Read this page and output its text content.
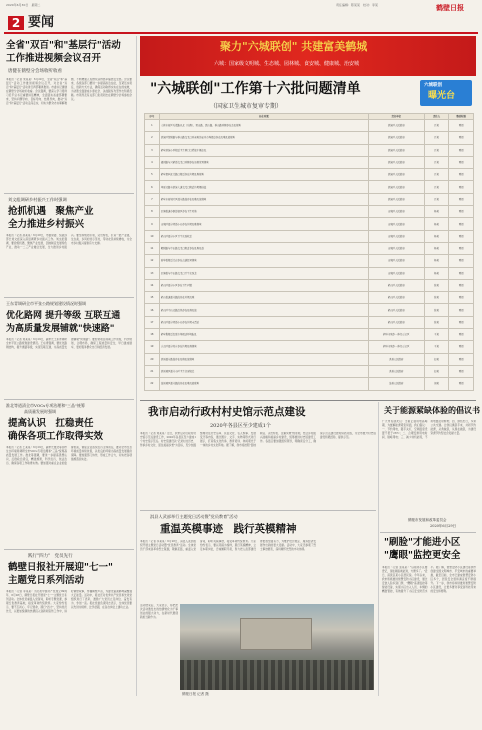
2020年6月30日　星期二	责任编辑：陈某某　校对：李某	鹤壁日报
2 要闻
全省"双百"和"基层行"活动
工作推进视频会议召开
唐健在鹤壁分会场收听收看
本报讯（记者 朱某某）6月29日，全省"双百"和"基层行"活动工作推进视频会议召开，对全省"双百"和"基层行"活动进行再部署再推进。市委书记唐健在鹤壁分会场收听收看。会议强调，要深入学习贯彻习近平总书记重要讲话精神，全面落实省委部署要求，坚持问题导向、目标导向、结果导向，推动"双百"和"基层行"活动走深走实，切实为群众办实事解难题，不断增强人民群众获得感幸福感安全感。会议要求，各级各部门要进一步提高政治站位，压紧压实责任，创新方式方法，确保活动取得实实在在的成效，为决胜全面建成小康社会、决战脱贫攻坚作出积极贡献。市领导及有关部门负责同志在鹤壁分会场参加会议。
刘文彪调研乡村振兴工作时强调
抢抓机遇　聚焦产业
全力推进乡村振兴
本报讯（记者 孙某某）6月28日，市委常委、统战部部长刘文彪深入淇县调研乡村振兴工作。刘文彪强调，要抢抓机遇，聚焦产业发展，因地制宜发展特色产业，推动一二三产业融合发展，全力推进乡村振兴。要坚持规划引领，突出特色，打造一批产业强、生态美、乡风好的示范村，带动农民持续增收，为全市乡村振兴提供有力支撑。
王东青调研全市平张公路规划建设情况时强调
优化路网 提升等级 互联互通
为高质量发展铺就"快速路"
本报讯（记者 刘某某）6月29日，副市长王东青调研全市平张公路规划建设情况。王东青强调，要优化路网结构，提升道路等级，实现互联互通，为高质量发展铺就"快速路"。要加快项目前期工作进度，科学规划，合理布局，确保工程质量和安全，早日建成通车，更好服务群众出行和经济发展。
淮北等道清全市VOCs专项治理和"三品"统筹
高质量发展时强调
提高认识　扛稳责任
确保各项工作取得实效
本报讯（记者 王某某）6月29日，副市长淮北等到市生态环境局调研全市VOCs专项治理和"三品"统筹高质量发展工作。淮北等强调，要进一步提高思想认识，扛稳政治责任，精准施策，科学治污，依法治污，确保各项工作取得实效。要加强对重点企业的监督检查，督促企业落实治污主体责任，推动全市生态环境质量持续改善，以优良的环境为高质量发展提供保障。要加强部门协作，形成工作合力，切实把各项措施落到实处。
践行"四力"　党员先行
鹤壁日报社开展迎"七一"
主题党日系列活动
本报讯（记者 李某某）为庆祝中国共产党成立99周年，6月28日，鹤壁日报社开展迎"七一"主题党日系列活动。全体党员重温入党誓词，聆听专题党课，参观红色教育基地，接受革命传统教育。大家纷纷表示，要不忘初心、牢记使命，践行"四力"，坚持党员先行，以更加饱满的热情投入到新闻宣传工作中，讲好鹤壁故事，传播鹤壁声音，为建设富美鹤城凝聚强大正能量。活动中，报社还对优秀共产党员和先进党组织进行了表彰，激励广大党员立足岗位、奋发有为、争创一流。报社党委负责同志表示，全体党员要以先进为榜样，比学赶超，在各自岗位上建功立业。
聚力"六城联创" 共建富美鹤城
六城：国家级文明城、生态城、园林城、食安城、健康城、治安城
"六城联创"工作第十六批问题清单
（国家卫生城市复审专期）
六城联创
曝光台
序号	存在问题	责任单位	责任人	整改时限
1	大鹤市新区天都路以北（东侧）、黄山路、嵩山路、泰山路西侧存在杂乱现象	淇滨区人民政府	汪某	两周
2	淇滨区黎阳路与泰山路交叉口西南角的花木市场周边存在乱堆乱放现象	淇滨区人民政府	汪某	两周
3	鹤壁淇滨小区附近卫生间门口停放车辆杂乱	淇滨区人民政府	汪某	两周
4	福田路与兴鹤街交叉口西侧存在违规设置现象	淇滨区人民政府	汪某	两周
5	鹤壁嘉园北门路口附近存在垃圾乱堆现象	淇滨区人民政府	汪某	两周
6	华夏北路与淇滨大道交叉口附近垃圾桶满溢	淇滨区人民政府	汪某	两周
7	鹤壁市新城片区部分路段存在乱堆乱放现象	淇滨区人民政府	汪某	两周
8	红旗街道办事处辖区存在卫生死角	山城区人民政府	杨某	两周
9	山城区部分背街小巷存在垃圾乱堆现象	山城区人民政府	杨某	两周
10	鹤山区部分小区卫生状况较差	山城区人民政府	杨某	两周
11	朝阳路与中山路交叉口附近存在乱堆乱放	山城区人民政府	杨某	两周
12	新华街附近门店存在占道经营现象	山城区人民政府	杨某	两周
13	红旗街与中山路交叉口卫生状况差	山城区人民政府	杨某	两周
14	鹤山区部分小区存在卫生问题	鹤山区人民政府	张某	两周
15	鹤山街道部分路段存在垃圾乱堆	鹤山区人民政府	张某	两周
16	鹤山区中山北路沿线存在乱堆乱放	鹤山区人民政府	张某	两周
17	鹤山区部分背街小巷存在垃圾未清运	鹤山区人民政府	张某	两周
18	鹤壁集附近农贸市场周边环境脏乱	鹤壁市城乡一体化示范区	王某	两周
19	示范区部分村庄存在垃圾乱堆现象	鹤壁市城乡一体化示范区	王某	两周
20	淇县部分路段存在乱堆乱放现象	淇县人民政府	赵某	两周
21	淇县城区部分小区卫生状况较差	淇县人民政府	赵某	两周
22	浚县城区部分路段存在乱堆乱放现象	浚县人民政府	刘某	两周
我市启动行政村村史馆示范点建设
2020年各县区至少建成1个
本报讯（记者 刘某某）近日，我市启动行政村村史馆示范点建设工作，2020年各县区至少建成1个村史馆示范点。村史馆建设以"记录村庄历史、传承乡村文化、留住美丽乡愁"为目标，充分挖掘整理村庄历史沿革、民俗文化、名人轶事、发展变迁等内容，通过图片、文字、实物等形式进行展示，打造集文化传承、教育培训、休闲观光于一体的乡村文化阵地。据了解，我市将按照"因地制宜、突出特色、注重实效"的原则，结合乡村振兴战略和美丽乡村建设，统筹推进村史馆建设工作。各县区要加强组织领导，明确责任分工，确保示范点建设按时保质完成，为全市推开村史馆建设积累经验、提供示范。
淇县人武部举行主题党日活动暨"党员教育"活动
重温英模事迹　践行英模精神
本报讯（记者 李某某）6月28日，淇县人武部组织开展主题党日活动暨"党员教育"活动。全体党员干部来到革命烈士陵园，敬献花篮，重温入党誓词，聆听英模事迹，接受革命传统教育。大家纷纷表示，要以英模为榜样，践行英模精神，立足本职岗位，忠诚履职尽责，努力把人武部建设得更加坚强有力，为维护社会稳定、服务经济发展作出新的更大贡献。活动中，大家还参观了烈士事迹展览，深切缅怀先烈的丰功伟绩。
鹤壁日报 记者 摄
活动结束后，大家表示，将把此次活动激发出的热情转化为干事创业的强大动力，在新时代展现新担当新作为。
关于能源紧缺体验的倡议书
广大市民朋友们：当前正值用电高峰期，为缓解能源紧张局面，我们倡议：一、节约用电，随手关灯，空调温度设置不低于26℃；二、合理安排用电时间，错峰用电；三、减少待机能耗，不用电器及时断电；四、绿色出行，多乘公共交通。让我们携起手来，共同节约能源，从我做起，从现在做起，为建设资源节约型社会贡献力量。
鹤壁市发展和改革委员会
2020年6月29日
"刷脸"才能进小区
"鹰眼"监控更安全
本报讯（记者 张某某）"以前进小区要登记，现在刷脸就能进，方便多了。"近日，淇滨区某小区居民说。今年以来，我市积极推进智慧安防小区建设，通过安装人脸识别门禁、"鹰眼"高清监控等智能设备，实现小区出入人员、车辆的精准管控，有效提升了小区安全防范水平。据了解，智慧安防小区建设是我市创建全国文明城市、平安城市的重要举措，截至目前，全市已建成智慧安防小区多个，居民安全感和满意度不断提升。下一步，我市将持续推进智慧安防小区建设，让更多群众享受到科技带来的安全和便利。
